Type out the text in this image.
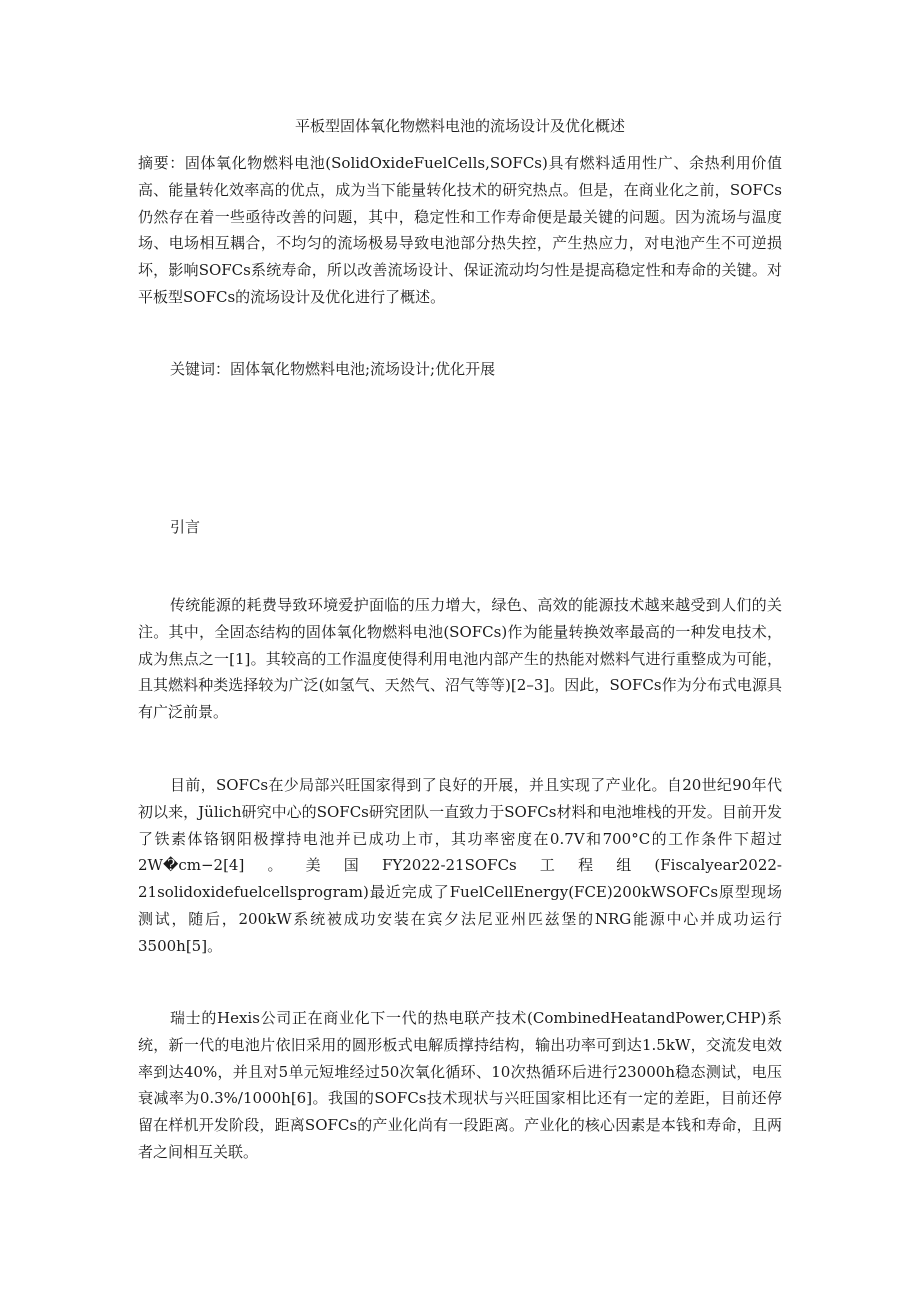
平板型固体氧化物燃料电池的流场设计及优化概述

摘要：固体氧化物燃料电池(SolidOxideFuelCells,SOFCs)具有燃料适用性广、余热利用价值高、能量转化效率高的优点，成为当下能量转化技术的研究热点。但是，在商业化之前，SOFCs仍然存在着一些亟待改善的问题，其中，稳定性和工作寿命便是最关键的问题。因为流场与温度场、电场相互耦合，不均匀的流场极易导致电池部分热失控，产生热应力，对电池产生不可逆损坏，影响SOFCs系统寿命，所以改善流场设计、保证流动均匀性是提高稳定性和寿命的关键。对平板型SOFCs的流场设计及优化进行了概述。

关键词：固体氧化物燃料电池;流场设计;优化开展

引言

传统能源的耗费导致环境爱护面临的压力增大，绿色、高效的能源技术越来越受到人们的关注。其中，全固态结构的固体氧化物燃料电池(SOFCs)作为能量转换效率最高的一种发电技术，成为焦点之一[1]。其较高的工作温度使得利用电池内部产生的热能对燃料气进行重整成为可能，且其燃料种类选择较为广泛(如氢气、天然气、沼气等等)[2–3]。因此，SOFCs作为分布式电源具有广泛前景。

目前，SOFCs在少局部兴旺国家得到了良好的开展，并且实现了产业化。自20世纪90年代初以来，Jülich研究中心的SOFCs研究团队一直致力于SOFCs材料和电池堆栈的开发。目前开发了铁素体铬钢阳极撑持电池并已成功上市，其功率密度在0.7V和700°C的工作条件下超过2W�cm−2[4]。美国FY2022-21SOFCs工程组(Fiscalyear2022-21solidoxidefuelcellsprogram)最近完成了FuelCellEnergy(FCE)200kWSOFCs原型现场测试，随后，200kW系统被成功安装在宾夕法尼亚州匹兹堡的NRG能源中心并成功运行 3500h[5]。

瑞士的Hexis公司正在商业化下一代的热电联产技术(CombinedHeatandPower,CHP)系统，新一代的电池片依旧采用的圆形板式电解质撑持结构，输出功率可到达1.5kW，交流发电效率到达40%，并且对5单元短堆经过50次氧化循环、10次热循环后进行23000h稳态测试，电压衰减率为0.3%/1000h[6]。我国的SOFCs技术现状与兴旺国家相比还有一定的差距，目前还停留在样机开发阶段，距离SOFCs的产业化尚有一段距离。产业化的核心因素是本钱和寿命，且两者之间相互关联。
